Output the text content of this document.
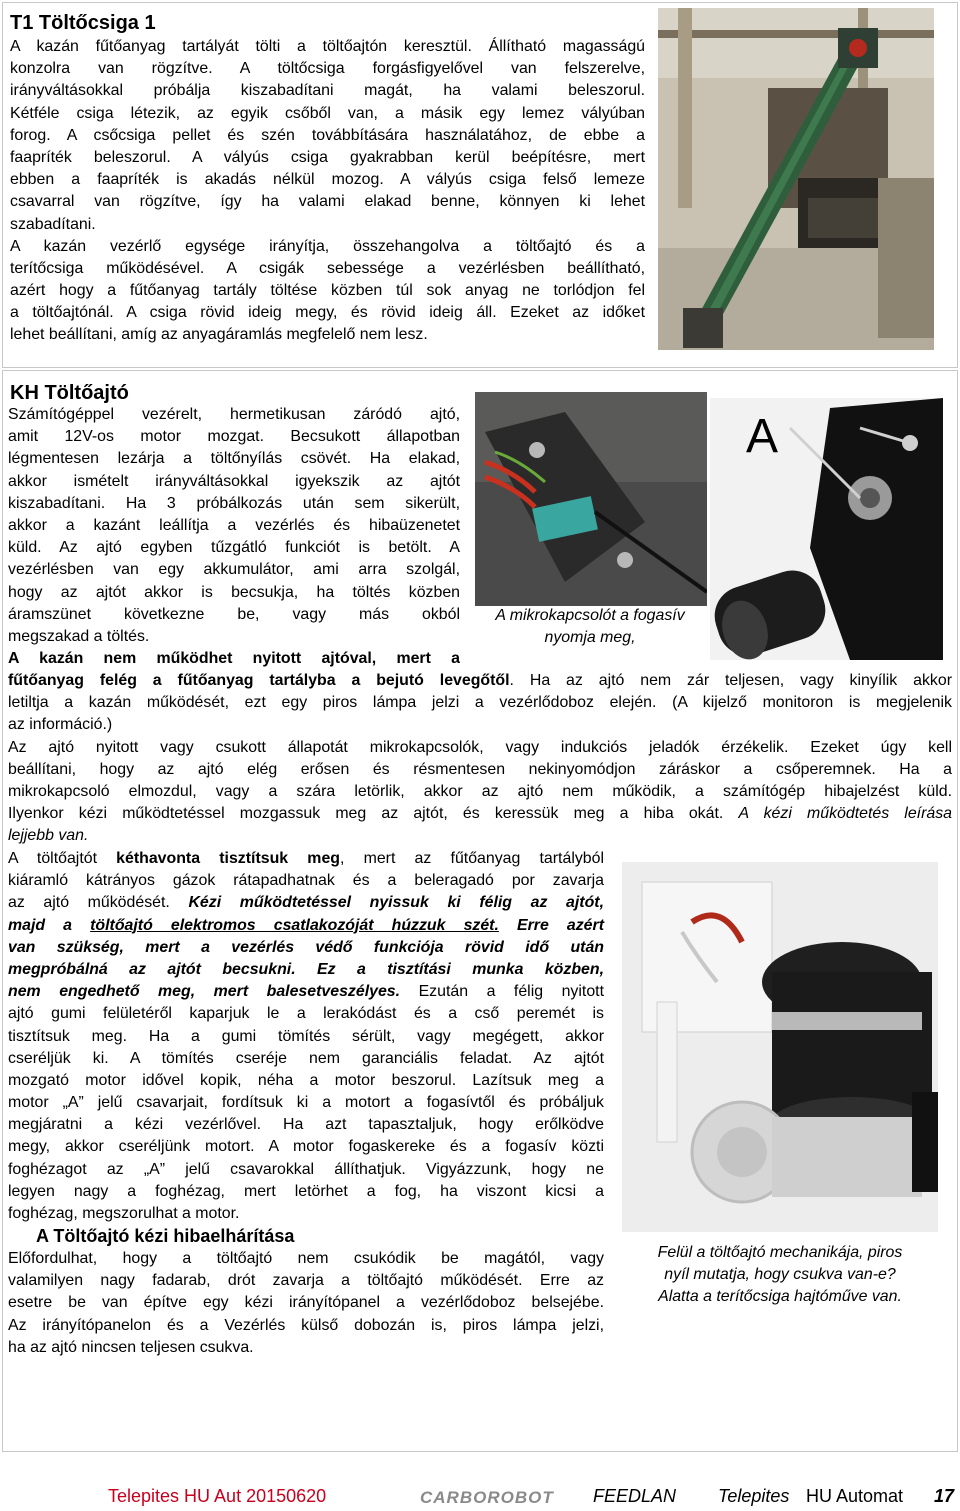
T1 Töltőcsiga 1
A kazán fűtőanyag tartályát tölti a töltőajtón keresztül. Állítható magasságú
konzolra van rögzítve. A töltőcsiga forgásfigyelővel van felszerelve,
irányváltásokkal próbálja kiszabadítani magát, ha valami beleszorul.
Kétféle csiga létezik, az egyik csőből van, a másik egy lemez vályúban
forog. A csőcsiga pellet és szén továbbítására használatához, de ebbe a
faapríték beleszorul. A vályús csiga gyakrabban kerül beépítésre, mert
ebben a faapríték is akadás nélkül mozog. A vályús csiga felső lemeze
csavarral van rögzítve, így ha valami elakad benne, könnyen ki lehet
szabadítani.
A kazán vezérlő egysége irányítja, összehangolva a töltőajtó és a
terítőcsiga működésével. A csigák sebessége a vezérlésben beállítható,
azért hogy a fűtőanyag tartály töltése közben túl sok anyag ne torlódjon fel
a töltőajtónál. A csiga rövid ideig megy, és rövid ideig áll. Ezeket az időket
lehet beállítani, amíg az anyagáramlás megfelelő nem lesz.
KH Töltőajtó
Számítógéppel vezérelt, hermetikusan záródó ajtó,
amit 12V-os motor mozgat. Becsukott állapotban
légmentesen lezárja a töltőnyílás csövét. Ha elakad,
akkor ismételt irányváltásokkal igyekszik az ajtót
kiszabadítani. Ha 3 próbálkozás után sem sikerült,
akkor a kazánt leállítja a vezérlés és hibaüzenetet
küld. Az ajtó egyben tűzgátló funkciót is betölt. A
vezérlésben van egy akkumulátor, ami arra szolgál,
hogy az ajtót akkor is becsukja, ha töltés közben
áramszünet következne be, vagy más okból
megszakad a töltés.
A kazán nem működhet nyitott ajtóval, mert a
fűtőanyag felég a fűtőanyag tartályba a bejutó levegőtől. Ha az ajtó nem zár teljesen, vagy kinyílik akkor
letiltja a kazán működését, ezt egy piros lámpa jelzi a vezérlődoboz elején. (A kijelző monitoron is megjelenik
az információ.)
Az ajtó nyitott vagy csukott állapotát mikrokapcsolók, vagy indukciós jeladók érzékelik. Ezeket úgy kell
beállítani, hogy az ajtó elég erősen és résmentesen nekinyomódjon záráskor a csőperemnek. Ha a
mikrokapcsoló elmozdul, vagy a szára letörlik, akkor az ajtó nem működik, a számítógép hibajelzést küld.
Ilyenkor kézi működtetéssel mozgassuk meg az ajtót, és keressük meg a hiba okát. A kézi működtetés leírása
lejjebb van.
A
A mikrokapcsolót a fogasív
nyomja meg,
A töltőajtót kéthavonta tisztítsuk meg, mert az fűtőanyag tartályból
kiáramló kátrányos gázok rátapadhatnak és a beleragadó por zavarja
az ajtó működését. Kézi működtetéssel nyissuk ki félig az ajtót,
majd a töltőajtó elektromos csatlakozóját húzzuk szét. Erre azért
van szükség, mert a vezérlés védő funkciója rövid idő után
megpróbálná az ajtót becsukni. Ez a tisztítási munka közben,
nem engedhető meg, mert balesetveszélyes. Ezután a félig nyitott
ajtó gumi felületéről kaparjuk le a lerakódást és a cső peremét is
tisztítsuk meg. Ha a gumi tömítés sérült, vagy megégett, akkor
cseréljük ki. A tömítés cseréje nem garanciális feladat. Az ajtót
mozgató motor idővel kopik, néha a motor beszorul. Lazítsuk meg a
motor „A” jelű csavarjait, fordítsuk ki a motort a fogasívtől és próbáljuk
megjáratni a kézi vezérlővel. Ha azt tapasztaljuk, hogy erőlködve
megy, akkor cseréljünk motort. A motor fogaskereke és a fogasív közti
foghézagot az „A” jelű csavarokkal állíthatjuk. Vigyázzunk, hogy ne
legyen nagy a foghézag, mert letörhet a fog, ha viszont kicsi a
foghézag, megszorulhat a motor.
Felül a töltőajtó mechanikája, piros
nyíl mutatja, hogy csukva van-e?
Alatta a terítőcsiga hajtóműve van.
A Töltőajtó kézi hibaelhárítása
Előfordulhat, hogy a töltőajtó nem csukódik be magától, vagy
valamilyen nagy fadarab, drót zavarja a töltőajtó működését. Erre az
esetre be van építve egy kézi irányítópanel a vezérlődoboz belsejébe.
Az irányítópanelon és a Vezérlés külső dobozán is, piros lámpa jelzi,
ha az ajtó nincsen teljesen csukva.
Telepites HU Aut 20150620	CARBOROBOT FEEDLAN Telepites HU Automat 17
